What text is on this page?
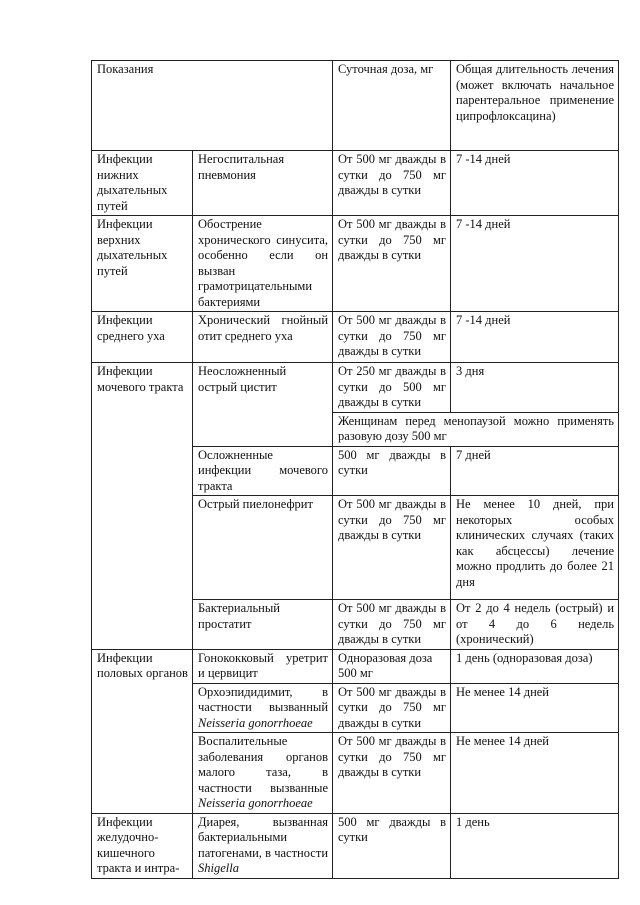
Показания		Суточная доза, мг	Общая длительность лечения (может включать начальное парентеральное применение ципрофлоксацина)
Инфекции нижних дыхательных путей	Негоспитальная пневмония	От 500 мг дважды в сутки до 750 мг дважды в сутки	7 -14 дней
Инфекции верхних дыхательных путей	Обострение хронического синусита, особенно если он вызван грамотрицательными бактериями	От 500 мг дважды в сутки до 750 мг дважды в сутки	7 -14 дней
Инфекции среднего уха	Хронический гнойный отит среднего уха	От 500 мг дважды в сутки до 750 мг дважды в сутки	7 -14 дней
Инфекции мочевого тракта	Неосложненный острый цистит	От 250 мг дважды в сутки до 500 мг дважды в сутки	3 дня
		Женщинам перед менопаузой можно применять разовую дозу 500 мг	
	Осложненные инфекции мочевого тракта	500 мг дважды в сутки	7 дней
	Острый пиелонефрит	От 500 мг дважды в сутки до 750 мг дважды в сутки	Не менее 10 дней, при некоторых особых клинических случаях (таких как абсцессы) лечение можно продлить до более 21 дня
	Бактериальный простатит	От 500 мг дважды в сутки до 750 мг дважды в сутки	От 2 до 4 недель (острый) и от 4 до 6 недель (хронический)
Инфекции половых органов	Гонококковый уретрит и цервицит	Одноразовая доза 500 мг	1 день (одноразовая доза)
	Орхоэпидидимит, в частности вызванный Neisseria gonorrhoeae	От 500 мг дважды в сутки до 750 мг дважды в сутки	Не менее 14 дней
	Воспалительные заболевания органов малого таза, в частности вызванные Neisseria gonorrhoeae	От 500 мг дважды в сутки до 750 мг дважды в сутки	Не менее 14 дней
Инфекции желудочно-кишечного тракта и интра-	Диарея, вызванная бактериальными патогенами, в частности Shigella	500 мг дважды в сутки	1 день
